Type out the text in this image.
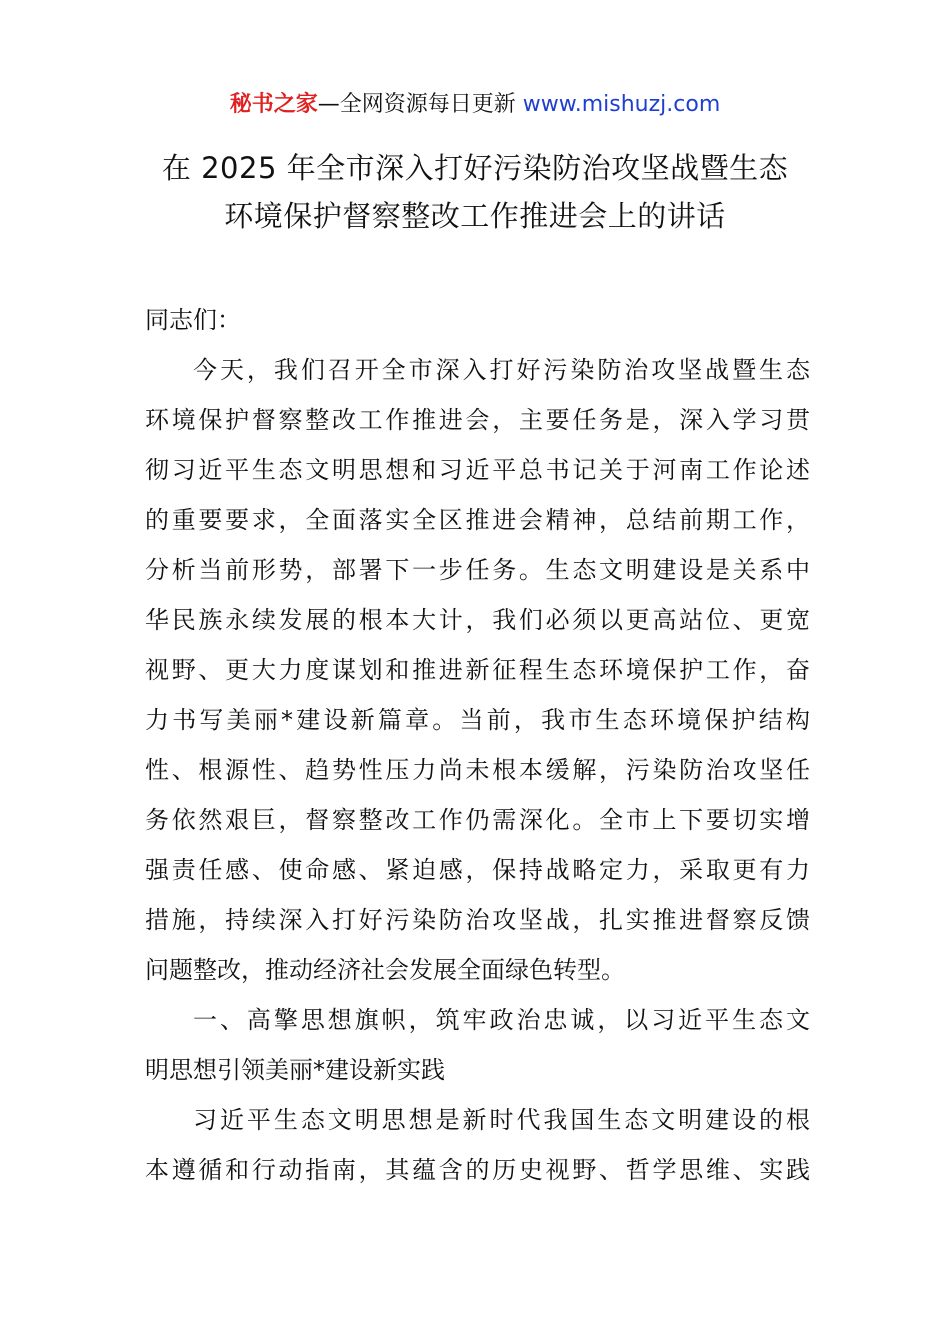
秘书之家—全网资源每日更新 www.mishuzj.com
在 2025 年全市深入打好污染防治攻坚战暨生态
环境保护督察整改工作推进会上的讲话
同志们：
今天，我们召开全市深入打好污染防治攻坚战暨生态
环境保护督察整改工作推进会，主要任务是，深入学习贯
彻习近平生态文明思想和习近平总书记关于河南工作论述
的重要要求，全面落实全区推进会精神，总结前期工作，
分析当前形势，部署下一步任务。生态文明建设是关系中
华民族永续发展的根本大计，我们必须以更高站位、更宽
视野、更大力度谋划和推进新征程生态环境保护工作，奋
力书写美丽*建设新篇章。当前，我市生态环境保护结构
性、根源性、趋势性压力尚未根本缓解，污染防治攻坚任
务依然艰巨，督察整改工作仍需深化。全市上下要切实增
强责任感、使命感、紧迫感，保持战略定力，采取更有力
措施，持续深入打好污染防治攻坚战，扎实推进督察反馈
问题整改，推动经济社会发展全面绿色转型。
一、高擎思想旗帜，筑牢政治忠诚，以习近平生态文
明思想引领美丽*建设新实践
习近平生态文明思想是新时代我国生态文明建设的根
本遵循和行动指南，其蕴含的历史视野、哲学思维、实践
